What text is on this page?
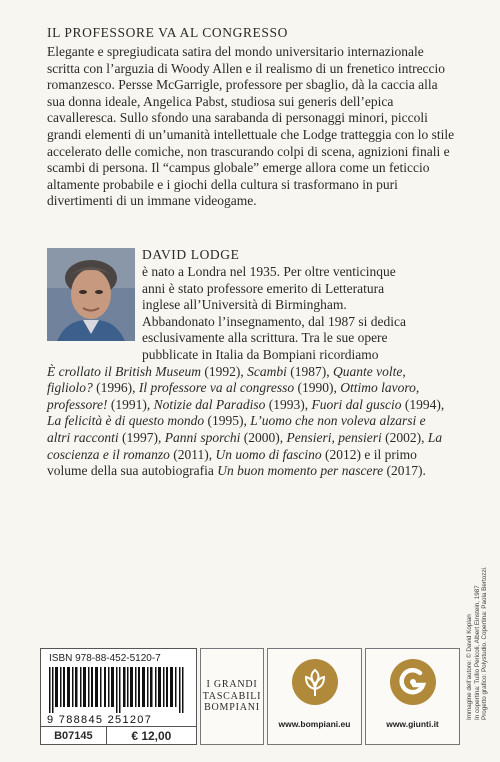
IL PROFESSORE VA AL CONGRESSO

Elegante e spregiudicata satira del mondo universitario internazionale scritta con l’arguzia di Woody Allen e il realismo di un frenetico intreccio romanzesco. Persse McGarrigle, professore per sbaglio, dà la caccia alla sua donna ideale, Angelica Pabst, studiosa sui generis dell’epica cavalleresca. Sullo sfondo una sarabanda di personaggi minori, piccoli grandi elementi di un’umanità intellettuale che Lodge tratteggia con lo stile accelerato delle comiche, non trascurando colpi di scena, agnizioni finali e scambi di persona. Il “campus globale” emerge allora come un feticcio altamente probabile e i giochi della cultura si trasformano in puri divertimenti di un immane videogame.

DAVID LODGE
è nato a Londra nel 1935. Per oltre venticinque
anni è stato professore emerito di Letteratura
inglese all’Università di Birmingham.
Abbandonato l’insegnamento, dal 1987 si dedica
esclusivamente alla scrittura. Tra le sue opere
pubblicate in Italia da Bompiani ricordiamo
È crollato il British Museum (1992), Scambi (1987), Quante volte, figliolo? (1996), Il professore va al congresso (1990), Ottimo lavoro, professore! (1991), Notizie dal Paradiso (1993), Fuori dal guscio (1994), La felicità è di questo mondo (1995), L’uomo che non voleva alzarsi e altri racconti (1997), Panni sporchi (2000), Pensieri, pensieri (2002), La coscienza e il romanzo (2011), Un uomo di fascino (2012) e il primo volume della sua autobiografia Un buon momento per nascere (2017).
Immagine dell’autore: © David Koplan In copertina: Tullio Pericoli, Albert Einstein, 1987 Progetto grafico: Polystudio. Copertina: Paola Bertozzi.
ISBN 978-88-452-5120-7
9 788845 251207
B07145	€ 12,00
I GRANDI
TASCABILI
BOMPIANI
www.bompiani.eu	www.giunti.it
